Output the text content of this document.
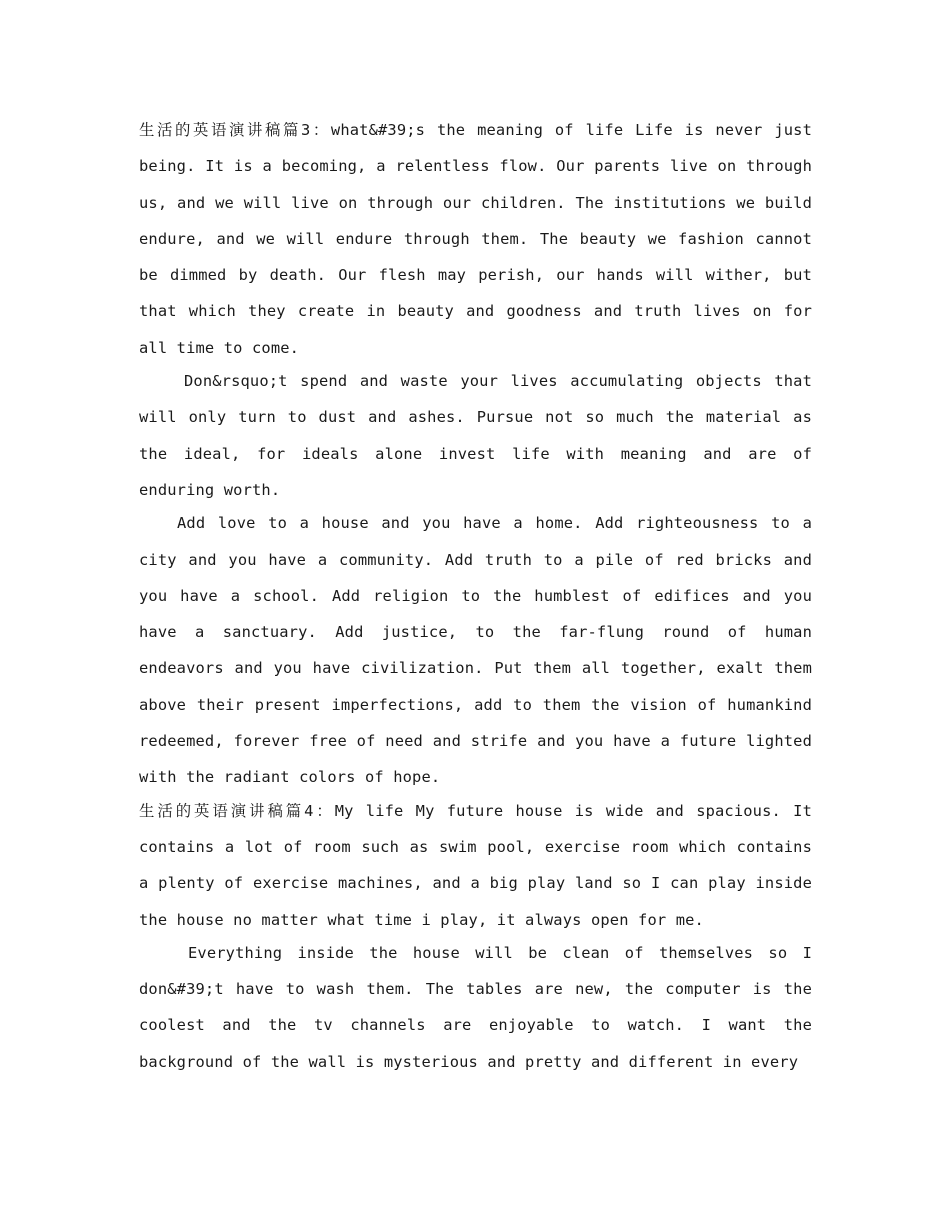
生活的英语演讲稿篇3：what&#39;s the meaning of life Life is never just being. It is a becoming, a relentless flow. Our parents live on through us, and we will live on through our children. The institutions we build endure, and we will endure through them. The beauty we fashion cannot be dimmed by death. Our flesh may perish, our hands will wither, but that which they create in beauty and goodness and truth lives on for all time to come.

Don&rsquo;t spend and waste your lives accumulating objects that will only turn to dust and ashes. Pursue not so much the material as the ideal, for ideals alone invest life with meaning and are of enduring worth.

Add love to a house and you have a home. Add righteousness to a city and you have a community. Add truth to a pile of red bricks and you have a school. Add religion to the humblest of edifices and you have a sanctuary. Add justice, to the far-flung round of human endeavors and you have civilization. Put them all together, exalt them above their present imperfections, add to them the vision of humankind redeemed, forever free of need and strife and you have a future lighted with the radiant colors of hope.

生活的英语演讲稿篇4：My life My future house is wide and spacious. It contains a lot of room such as swim pool, exercise room which contains a plenty of exercise machines, and a big play land so I can play inside the house no matter what time i play, it always open for me.

Everything inside the house will be clean of themselves so I don&#39;t have to wash them. The tables are new, the computer is the coolest and the tv channels are enjoyable to watch. I want the background of the wall is mysterious and pretty and different in every
